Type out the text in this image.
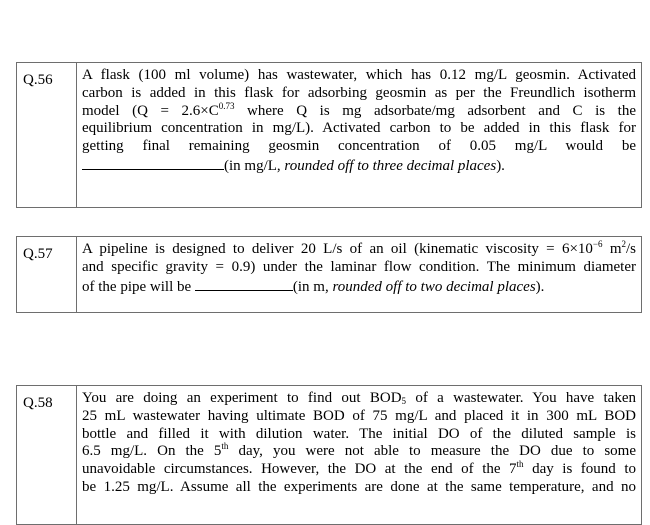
Q.56	A flask (100 ml volume) has wastewater, which has 0.12 mg/L geosmin. Activated
carbon is added in this flask for adsorbing geosmin as per the Freundlich isotherm
model ($Q = 2.6\times C^{0.73}$ where Q is mg adsorbate/mg adsorbent and C is the
equilibrium concentration in mg/L). Activated carbon to be added in this flask for
getting final remaining geosmin concentration of 0.05 mg/L would be
(in mg/L, rounded off to three decimal places).
Q.57	A pipeline is designed to deliver 20 L/s of an oil (kinematic viscosity = $6\times 10^{-6}$ $m^2/s$
and specific gravity = 0.9) under the laminar flow condition. The minimum diameter
of the pipe will be	(in m, rounded off to two decimal places).
Q.58	You are doing an experiment to find out $BOD_5$ of a wastewater. You have taken
25 mL wastewater having ultimate BOD of 75 mg/L and placed it in 300 mL BOD
bottle and filled it with dilution water. The initial DO of the diluted sample is
6.5 mg/L. On the 5th day, you were not able to measure the DO due to some
unavoidable circumstances. However, the DO at the end of the 7th day is found to
be 1.25 mg/L. Assume all the experiments are done at the same temperature, and no
